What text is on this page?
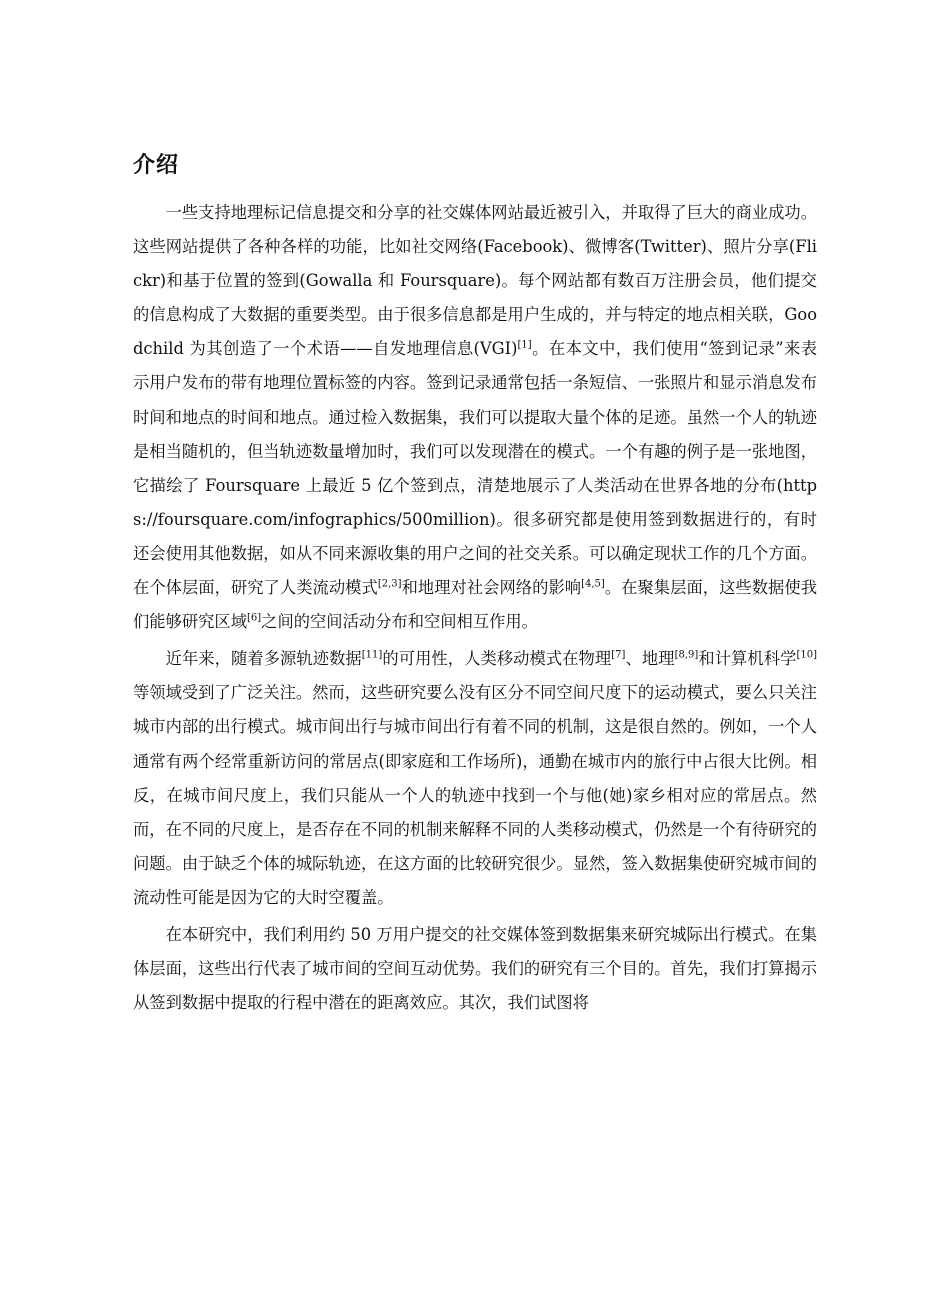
介绍

一些支持地理标记信息提交和分享的社交媒体网站最近被引入，并取得了巨大的商业成功。这些网站提供了各种各样的功能，比如社交网络(Facebook)、微博客(Twitter)、照片分享(Flickr)和基于位置的签到(Gowalla 和 Foursquare)。每个网站都有数百万注册会员，他们提交的信息构成了大数据的重要类型。由于很多信息都是用户生成的，并与特定的地点相关联，Goodchild 为其创造了一个术语——自发地理信息(VGI)[1]。在本文中，我们使用“签到记录”来表示用户发布的带有地理位置标签的内容。签到记录通常包括一条短信、一张照片和显示消息发布时间和地点的时间和地点。通过检入数据集，我们可以提取大量个体的足迹。虽然一个人的轨迹是相当随机的，但当轨迹数量增加时，我们可以发现潜在的模式。一个有趣的例子是一张地图，它描绘了 Foursquare 上最近 5 亿个签到点，清楚地展示了人类活动在世界各地的分布(https://foursquare.com/infographics/500million)。很多研究都是使用签到数据进行的，有时还会使用其他数据，如从不同来源收集的用户之间的社交关系。可以确定现状工作的几个方面。在个体层面，研究了人类流动模式[2,3]和地理对社会网络的影响[4,5]。在聚集层面，这些数据使我们能够研究区域[6]之间的空间活动分布和空间相互作用。

近年来，随着多源轨迹数据[11]的可用性，人类移动模式在物理[7]、地理[8,9]和计算机科学[10]等领域受到了广泛关注。然而，这些研究要么没有区分不同空间尺度下的运动模式，要么只关注城市内部的出行模式。城市间出行与城市间出行有着不同的机制，这是很自然的。例如，一个人通常有两个经常重新访问的常居点(即家庭和工作场所)，通勤在城市内的旅行中占很大比例。相反，在城市间尺度上，我们只能从一个人的轨迹中找到一个与他(她)家乡相对应的常居点。然而，在不同的尺度上，是否存在不同的机制来解释不同的人类移动模式，仍然是一个有待研究的问题。由于缺乏个体的城际轨迹，在这方面的比较研究很少。显然，签入数据集使研究城市间的流动性可能是因为它的大时空覆盖。

在本研究中，我们利用约 50 万用户提交的社交媒体签到数据集来研究城际出行模式。在集体层面，这些出行代表了城市间的空间互动优势。我们的研究有三个目的。首先，我们打算揭示从签到数据中提取的行程中潜在的距离效应。其次，我们试图将
